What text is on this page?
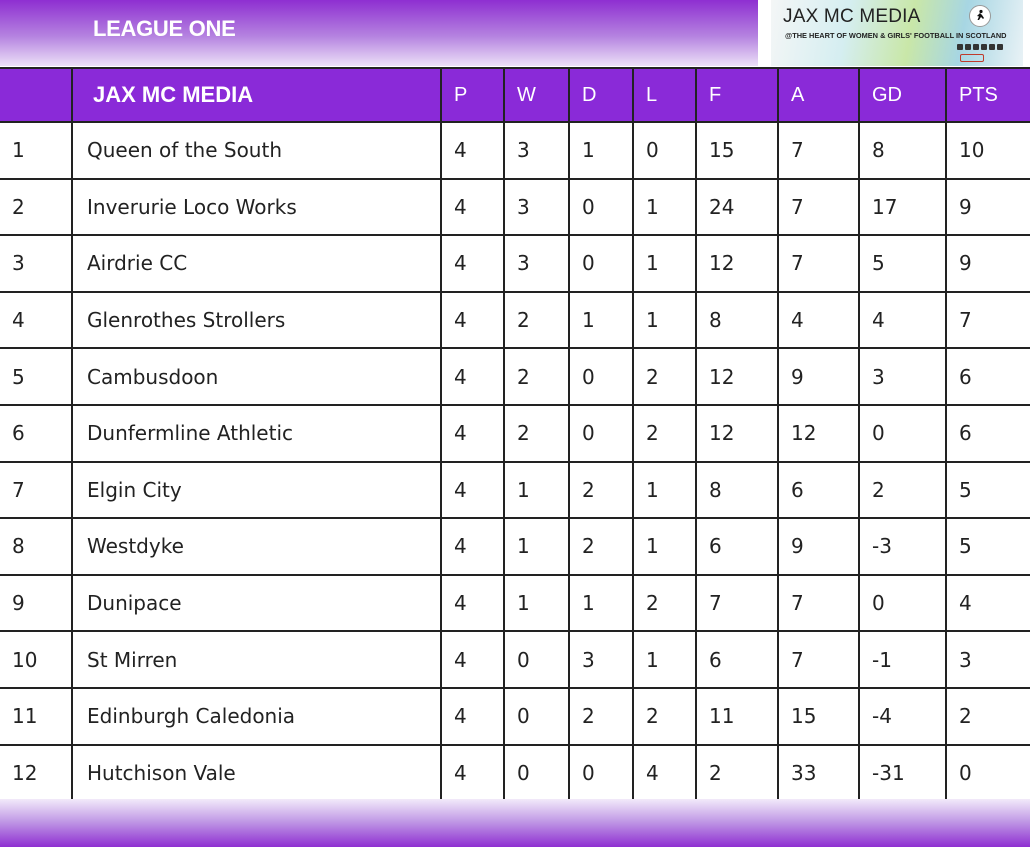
LEAGUE ONE	JAX MC MEDIA
@THE HEART OF WOMEN & GIRLS' FOOTBALL IN SCOTLAND
	JAX MC MEDIA	P	W	D	L	F	A	GD	PTS
1	Queen of the South	4	3	1	0	15	7	8	10
2	Inverurie Loco Works	4	3	0	1	24	7	17	9
3	Airdrie CC	4	3	0	1	12	7	5	9
4	Glenrothes Strollers	4	2	1	1	8	4	4	7
5	Cambusdoon	4	2	0	2	12	9	3	6
6	Dunfermline Athletic	4	2	0	2	12	12	0	6
7	Elgin City	4	1	2	1	8	6	2	5
8	Westdyke	4	1	2	1	6	9	-3	5
9	Dunipace	4	1	1	2	7	7	0	4
10	St Mirren	4	0	3	1	6	7	-1	3
11	Edinburgh Caledonia	4	0	2	2	11	15	-4	2
12	Hutchison Vale	4	0	0	4	2	33	-31	0
